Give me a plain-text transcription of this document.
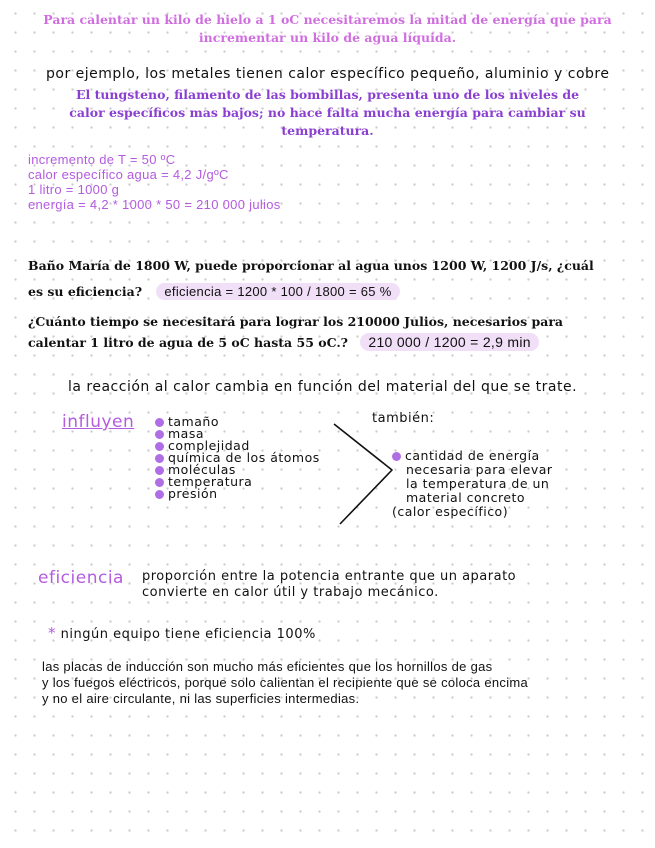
Para calentar un kilo de hielo a 1 oC necesitaremos la mitad de energía que para
incrementar un kilo de agua líquida.
por ejemplo, los metales tienen calor específico pequeño, aluminio y cobre
El tungsteno, filamento de las bombillas, presenta uno de los niveles de
calor específicos mas bajos; no hace falta mucha energía para cambiar su
temperatura.
incremento de T = 50 ºC
calor específico agua = 4,2 J/gºC
1 litro = 1000 g
energía = 4,2 * 1000 * 50 = 210 000 julios
Baño María de 1800 W, puede proporcionar al agua unos 1200 W, 1200 J/s, ¿cuál
es su eficiencia? eficiencia = 1200 * 100 / 1800 = 65 %
¿Cuánto tiempo se necesitará para lograr los 210000 Julios, necesarios para
calentar 1 litro de agua de 5 oC hasta 55 oC.? 210 000 / 1200 = 2,9 min
la reacción al calor cambia en función del material del que se trate.
influyen	tamaño
masa
complejidad
química de los átomos
moléculas
temperatura
presión
también:
cantidad de energía
necesaria para elevar
la temperatura de un
material concreto
(calor específico)
eficiencia proporción entre la potencia entrante que un aparato
convierte en calor útil y trabajo mecánico.
* ningún equipo tiene eficiencia 100%
las placas de inducción son mucho más eficientes que los hornillos de gas
y los fuegos eléctricos, porque solo calientan el recipiente que se coloca encima
y no el aire circulante, ni las superficies intermedias.
